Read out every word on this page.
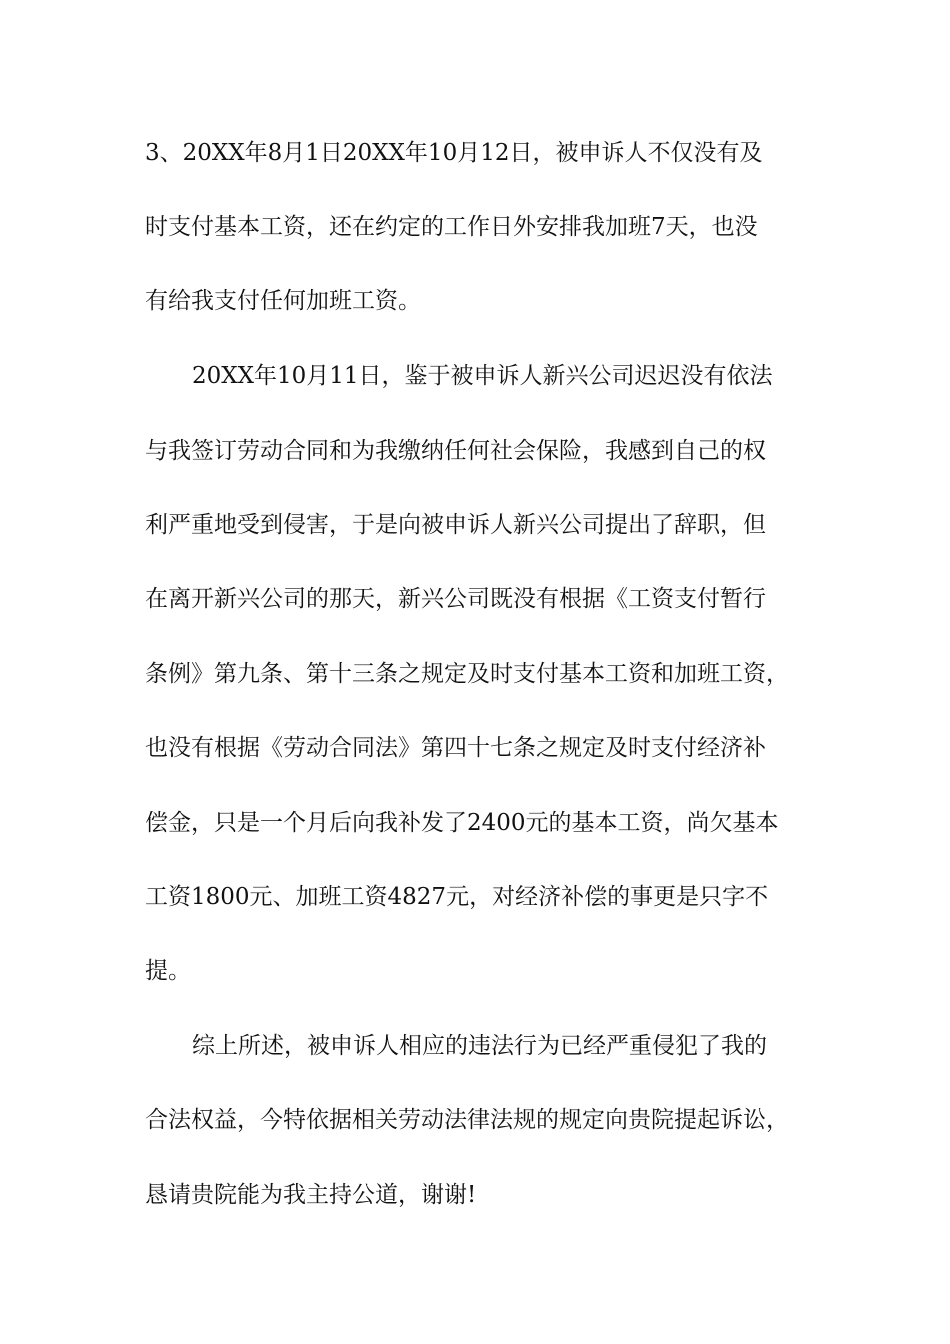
3、20XX年8月1日20XX年10月12日，被申诉人不仅没有及
时支付基本工资，还在约定的工作日外安排我加班7天，也没
有给我支付任何加班工资。
20XX年10月11日，鉴于被申诉人新兴公司迟迟没有依法
与我签订劳动合同和为我缴纳任何社会保险，我感到自己的权
利严重地受到侵害，于是向被申诉人新兴公司提出了辞职，但
在离开新兴公司的那天，新兴公司既没有根据《工资支付暂行
条例》第九条、第十三条之规定及时支付基本工资和加班工资，
也没有根据《劳动合同法》第四十七条之规定及时支付经济补
偿金，只是一个月后向我补发了2400元的基本工资，尚欠基本
工资1800元、加班工资4827元，对经济补偿的事更是只字不
提。
综上所述，被申诉人相应的违法行为已经严重侵犯了我的
合法权益，今特依据相关劳动法律法规的规定向贵院提起诉讼，
恳请贵院能为我主持公道，谢谢!
